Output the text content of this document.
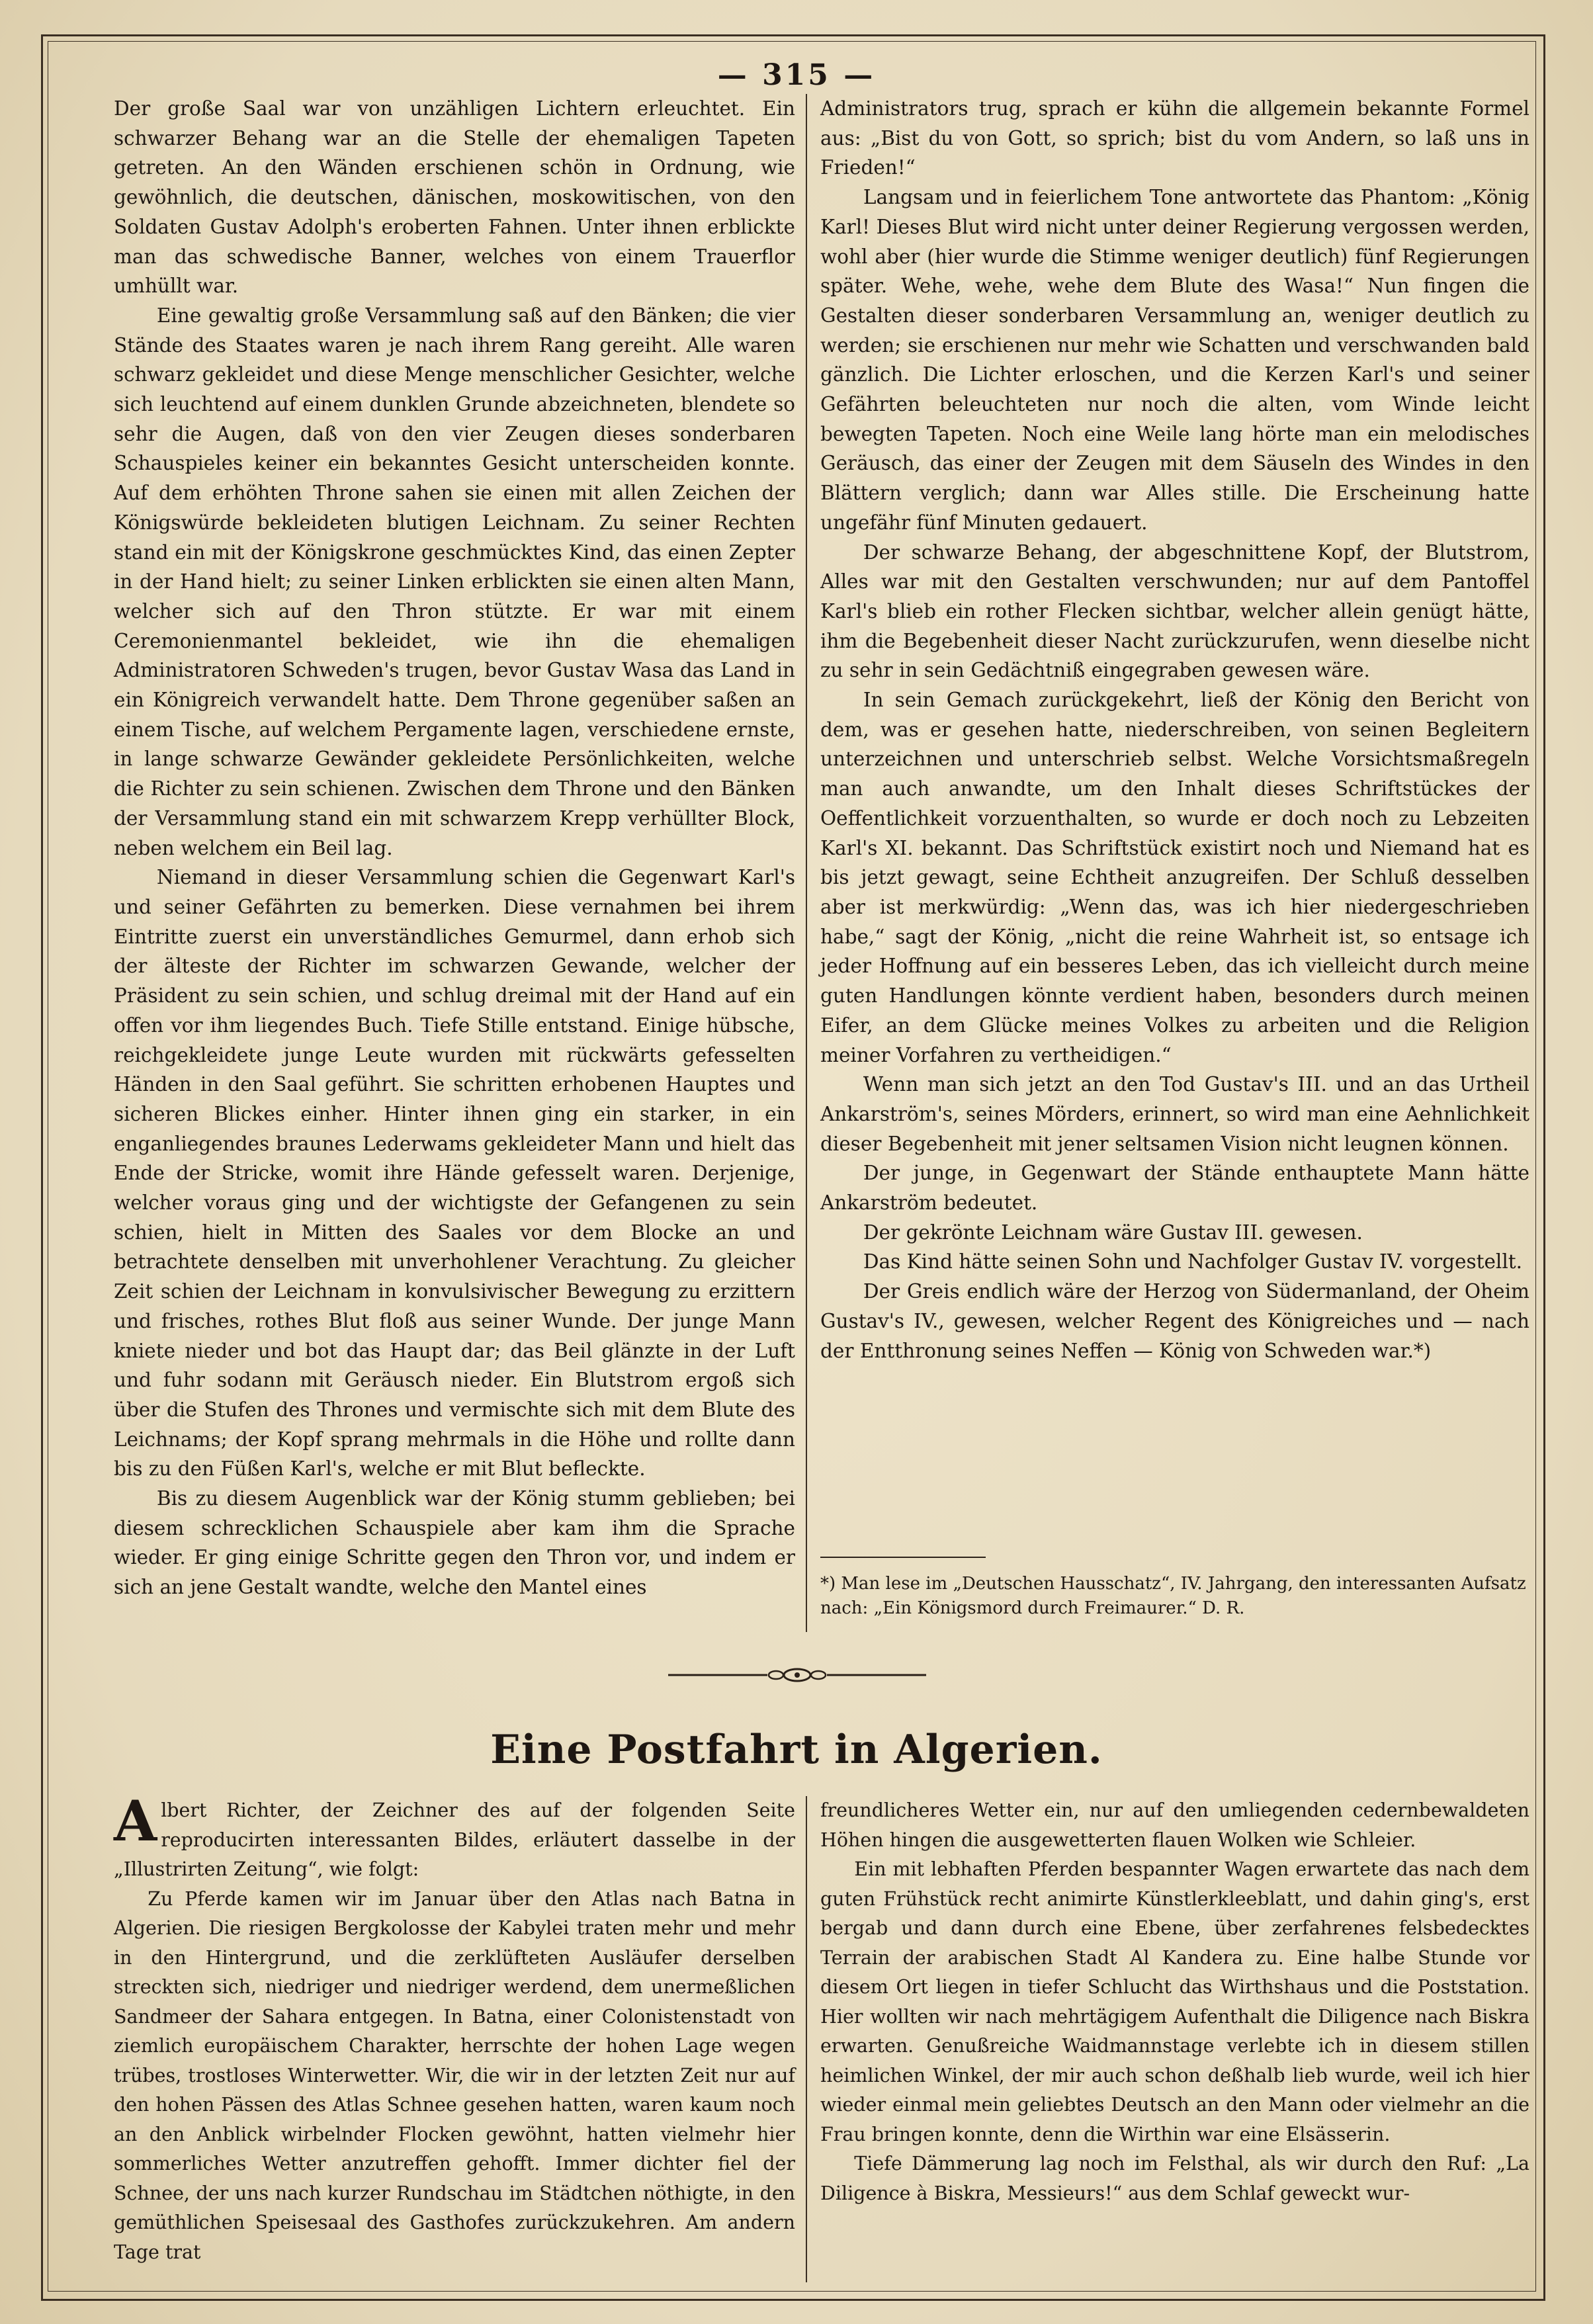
— 315 —

Der große Saal war von unzähligen Lichtern erleuchtet. Ein schwarzer Behang war an die Stelle der ehemaligen Tapeten getreten. An den Wänden erschienen schön in Ordnung, wie gewöhnlich, die deutschen, dänischen, moskowitischen, von den Soldaten Gustav Adolph's eroberten Fahnen. Unter ihnen erblickte man das schwedische Banner, welches von einem Trauerflor umhüllt war.

Eine gewaltig große Versammlung saß auf den Bänken; die vier Stände des Staates waren je nach ihrem Rang gereiht. Alle waren schwarz gekleidet und diese Menge menschlicher Gesichter, welche sich leuchtend auf einem dunklen Grunde abzeichneten, blendete so sehr die Augen, daß von den vier Zeugen dieses sonderbaren Schauspieles keiner ein bekanntes Gesicht unterscheiden konnte. Auf dem erhöhten Throne sahen sie einen mit allen Zeichen der Königswürde bekleideten blutigen Leichnam. Zu seiner Rechten stand ein mit der Königskrone geschmücktes Kind, das einen Zepter in der Hand hielt; zu seiner Linken erblickten sie einen alten Mann, welcher sich auf den Thron stützte. Er war mit einem Ceremonienmantel bekleidet, wie ihn die ehemaligen Administratoren Schweden's trugen, bevor Gustav Wasa das Land in ein Königreich verwandelt hatte. Dem Throne gegenüber saßen an einem Tische, auf welchem Pergamente lagen, verschiedene ernste, in lange schwarze Gewänder gekleidete Persönlichkeiten, welche die Richter zu sein schienen. Zwischen dem Throne und den Bänken der Versammlung stand ein mit schwarzem Krepp verhüllter Block, neben welchem ein Beil lag.

Niemand in dieser Versammlung schien die Gegenwart Karl's und seiner Gefährten zu bemerken. Diese vernahmen bei ihrem Eintritte zuerst ein unverständliches Gemurmel, dann erhob sich der älteste der Richter im schwarzen Gewande, welcher der Präsident zu sein schien, und schlug dreimal mit der Hand auf ein offen vor ihm liegendes Buch. Tiefe Stille entstand. Einige hübsche, reichgekleidete junge Leute wurden mit rückwärts gefesselten Händen in den Saal geführt. Sie schritten erhobenen Hauptes und sicheren Blickes einher. Hinter ihnen ging ein starker, in ein enganliegendes braunes Lederwams gekleideter Mann und hielt das Ende der Stricke, womit ihre Hände gefesselt waren. Derjenige, welcher voraus ging und der wichtigste der Gefangenen zu sein schien, hielt in Mitten des Saales vor dem Blocke an und betrachtete denselben mit unverhohlener Verachtung. Zu gleicher Zeit schien der Leichnam in konvulsivischer Bewegung zu erzittern und frisches, rothes Blut floß aus seiner Wunde. Der junge Mann kniete nieder und bot das Haupt dar; das Beil glänzte in der Luft und fuhr sodann mit Geräusch nieder. Ein Blutstrom ergoß sich über die Stufen des Thrones und vermischte sich mit dem Blute des Leichnams; der Kopf sprang mehrmals in die Höhe und rollte dann bis zu den Füßen Karl's, welche er mit Blut befleckte.

Bis zu diesem Augenblick war der König stumm geblieben; bei diesem schrecklichen Schauspiele aber kam ihm die Sprache wieder. Er ging einige Schritte gegen den Thron vor, und indem er sich an jene Gestalt wandte, welche den Mantel eines

Administrators trug, sprach er kühn die allgemein bekannte Formel aus: „Bist du von Gott, so sprich; bist du vom Andern, so laß uns in Frieden!“

Langsam und in feierlichem Tone antwortete das Phantom: „König Karl! Dieses Blut wird nicht unter deiner Regierung vergossen werden, wohl aber (hier wurde die Stimme weniger deutlich) fünf Regierungen später. Wehe, wehe, wehe dem Blute des Wasa!“ Nun fingen die Gestalten dieser sonderbaren Versammlung an, weniger deutlich zu werden; sie erschienen nur mehr wie Schatten und verschwanden bald gänzlich. Die Lichter erloschen, und die Kerzen Karl's und seiner Gefährten beleuchteten nur noch die alten, vom Winde leicht bewegten Tapeten. Noch eine Weile lang hörte man ein melodisches Geräusch, das einer der Zeugen mit dem Säuseln des Windes in den Blättern verglich; dann war Alles stille. Die Erscheinung hatte ungefähr fünf Minuten gedauert.

Der schwarze Behang, der abgeschnittene Kopf, der Blutstrom, Alles war mit den Gestalten verschwunden; nur auf dem Pantoffel Karl's blieb ein rother Flecken sichtbar, welcher allein genügt hätte, ihm die Begebenheit dieser Nacht zurückzurufen, wenn dieselbe nicht zu sehr in sein Gedächtniß eingegraben gewesen wäre.

In sein Gemach zurückgekehrt, ließ der König den Bericht von dem, was er gesehen hatte, niederschreiben, von seinen Begleitern unterzeichnen und unterschrieb selbst. Welche Vorsichtsmaßregeln man auch anwandte, um den Inhalt dieses Schriftstückes der Oeffentlichkeit vorzuenthalten, so wurde er doch noch zu Lebzeiten Karl's XI. bekannt. Das Schriftstück existirt noch und Niemand hat es bis jetzt gewagt, seine Echtheit anzugreifen. Der Schluß desselben aber ist merkwürdig: „Wenn das, was ich hier niedergeschrieben habe,“ sagt der König, „nicht die reine Wahrheit ist, so entsage ich jeder Hoffnung auf ein besseres Leben, das ich vielleicht durch meine guten Handlungen könnte verdient haben, besonders durch meinen Eifer, an dem Glücke meines Volkes zu arbeiten und die Religion meiner Vorfahren zu vertheidigen.“

Wenn man sich jetzt an den Tod Gustav's III. und an das Urtheil Ankarström's, seines Mörders, erinnert, so wird man eine Aehnlichkeit dieser Begebenheit mit jener seltsamen Vision nicht leugnen können.

Der junge, in Gegenwart der Stände enthauptete Mann hätte Ankarström bedeutet.

Der gekrönte Leichnam wäre Gustav III. gewesen.

Das Kind hätte seinen Sohn und Nachfolger Gustav IV. vorgestellt.

Der Greis endlich wäre der Herzog von Südermanland, der Oheim Gustav's IV., gewesen, welcher Regent des Königreiches und — nach der Entthronung seines Neffen — König von Schweden war.*)

*) Man lese im „Deutschen Hausschatz“, IV. Jahrgang, den interessanten Aufsatz nach: „Ein Königsmord durch Freimaurer.“ D. R.

Eine Postfahrt in Algerien.

Albert Richter, der Zeichner des auf der folgenden Seite reproducirten interessanten Bildes, erläutert dasselbe in der „Illustrirten Zeitung“, wie folgt:

Zu Pferde kamen wir im Januar über den Atlas nach Batna in Algerien. Die riesigen Bergkolosse der Kabylei traten mehr und mehr in den Hintergrund, und die zerklüfteten Ausläufer derselben streckten sich, niedriger und niedriger werdend, dem unermeßlichen Sandmeer der Sahara entgegen. In Batna, einer Colonistenstadt von ziemlich europäischem Charakter, herrschte der hohen Lage wegen trübes, trostloses Winterwetter. Wir, die wir in der letzten Zeit nur auf den hohen Pässen des Atlas Schnee gesehen hatten, waren kaum noch an den Anblick wirbelnder Flocken gewöhnt, hatten vielmehr hier sommerliches Wetter anzutreffen gehofft. Immer dichter fiel der Schnee, der uns nach kurzer Rundschau im Städtchen nöthigte, in den gemüthlichen Speisesaal des Gasthofes zurückzukehren. Am andern Tage trat

freundlicheres Wetter ein, nur auf den umliegenden cedernbewaldeten Höhen hingen die ausgewetterten flauen Wolken wie Schleier.

Ein mit lebhaften Pferden bespannter Wagen erwartete das nach dem guten Frühstück recht animirte Künstlerkleeblatt, und dahin ging's, erst bergab und dann durch eine Ebene, über zerfahrenes felsbedecktes Terrain der arabischen Stadt Al Kandera zu. Eine halbe Stunde vor diesem Ort liegen in tiefer Schlucht das Wirthshaus und die Poststation. Hier wollten wir nach mehrtägigem Aufenthalt die Diligence nach Biskra erwarten. Genußreiche Waidmannstage verlebte ich in diesem stillen heimlichen Winkel, der mir auch schon deßhalb lieb wurde, weil ich hier wieder einmal mein geliebtes Deutsch an den Mann oder vielmehr an die Frau bringen konnte, denn die Wirthin war eine Elsässerin.

Tiefe Dämmerung lag noch im Felsthal, als wir durch den Ruf: „La Diligence à Biskra, Messieurs!“ aus dem Schlaf geweckt wur-
